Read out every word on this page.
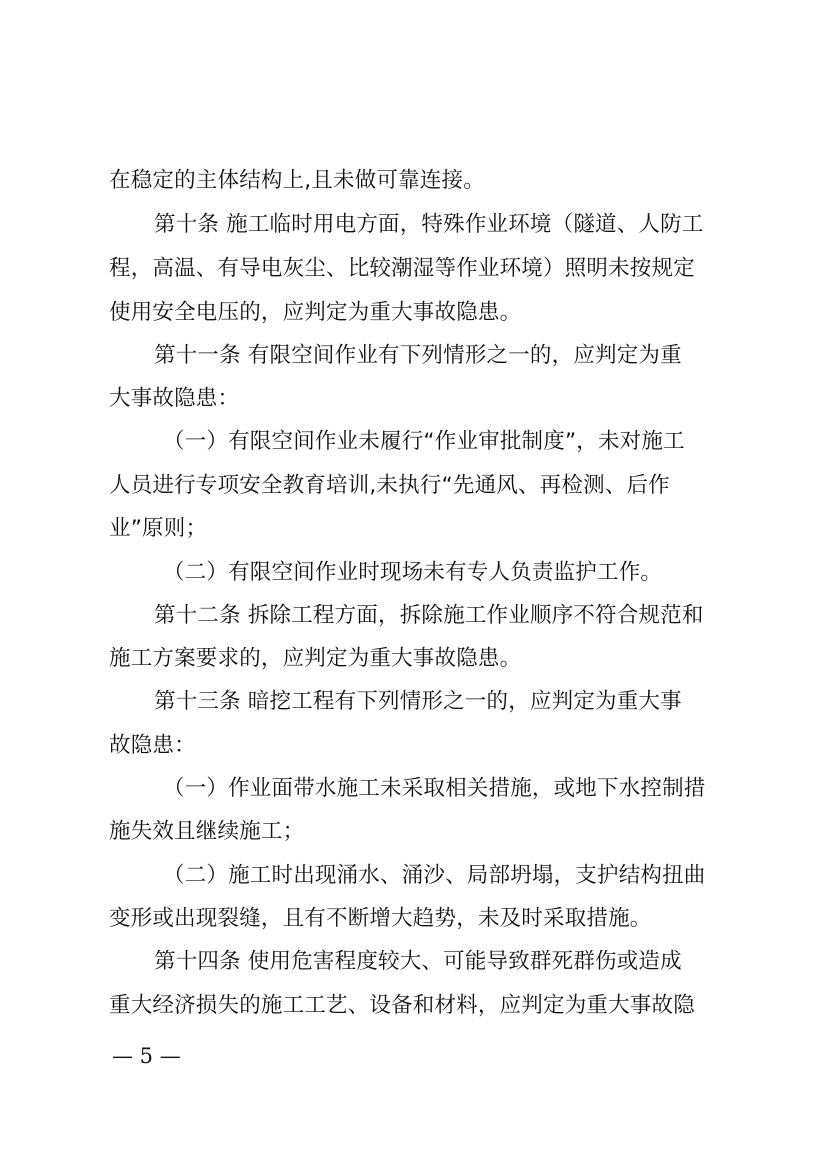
在稳定的主体结构上,且未做可靠连接。
第十条 施工临时用电方面，特殊作业环境（隧道、人防工
程，高温、有导电灰尘、比较潮湿等作业环境）照明未按规定
使用安全电压的，应判定为重大事故隐患。
第十一条 有限空间作业有下列情形之一的，应判定为重
大事故隐患：
（一）有限空间作业未履行“作业审批制度”，未对施工
人员进行专项安全教育培训,未执行“先通风、再检测、后作
业”原则；
（二）有限空间作业时现场未有专人负责监护工作。
第十二条 拆除工程方面，拆除施工作业顺序不符合规范和
施工方案要求的，应判定为重大事故隐患。
第十三条 暗挖工程有下列情形之一的，应判定为重大事
故隐患：
（一）作业面带水施工未采取相关措施，或地下水控制措
施失效且继续施工；
（二）施工时出现涌水、涌沙、局部坍塌，支护结构扭曲
变形或出现裂缝，且有不断增大趋势，未及时采取措施。
第十四条 使用危害程度较大、可能导致群死群伤或造成
重大经济损失的施工工艺、设备和材料，应判定为重大事故隐
— 5 —
